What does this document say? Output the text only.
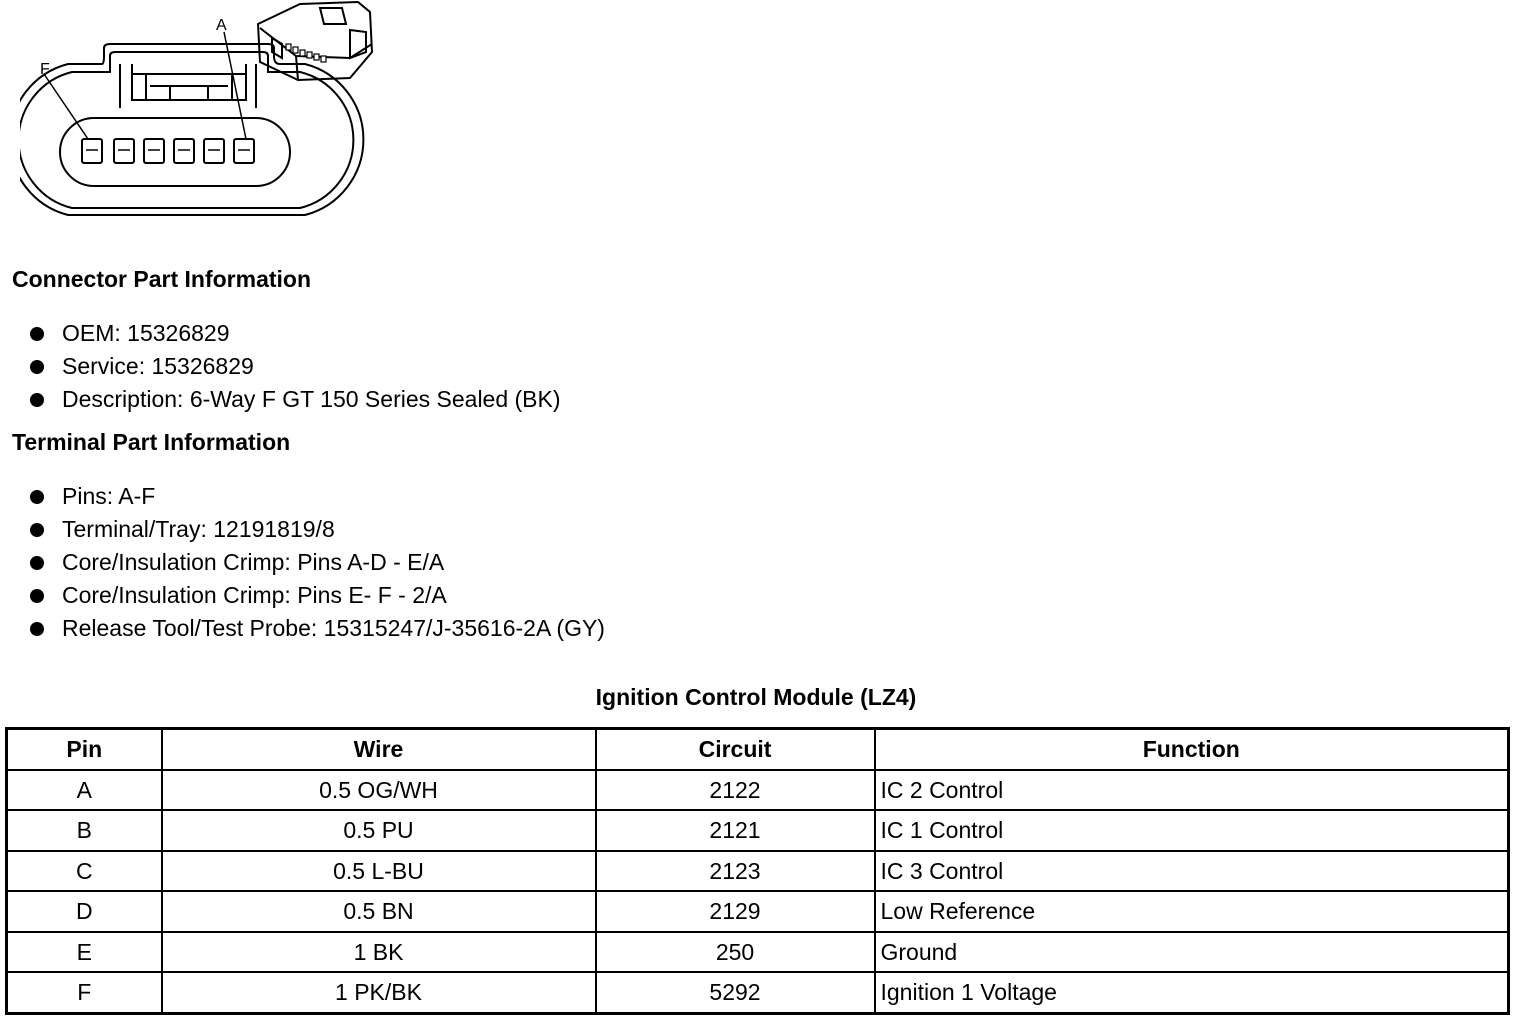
F
A
Connector Part Information
OEM: 15326829
Service: 15326829
Description: 6-Way F GT 150 Series Sealed (BK)
Terminal Part Information
Pins: A-F
Terminal/Tray: 12191819/8
Core/Insulation Crimp: Pins A-D - E/A
Core/Insulation Crimp: Pins E- F - 2/A
Release Tool/Test Probe: 15315247/J-35616-2A (GY)
Ignition Control Module (LZ4)
Pin	Wire	Circuit	Function
A	0.5 OG/WH	2122	IC 2 Control
B	0.5 PU	2121	IC 1 Control
C	0.5 L-BU	2123	IC 3 Control
D	0.5 BN	2129	Low Reference
E	1 BK	250	Ground
F	1 PK/BK	5292	Ignition 1 Voltage
